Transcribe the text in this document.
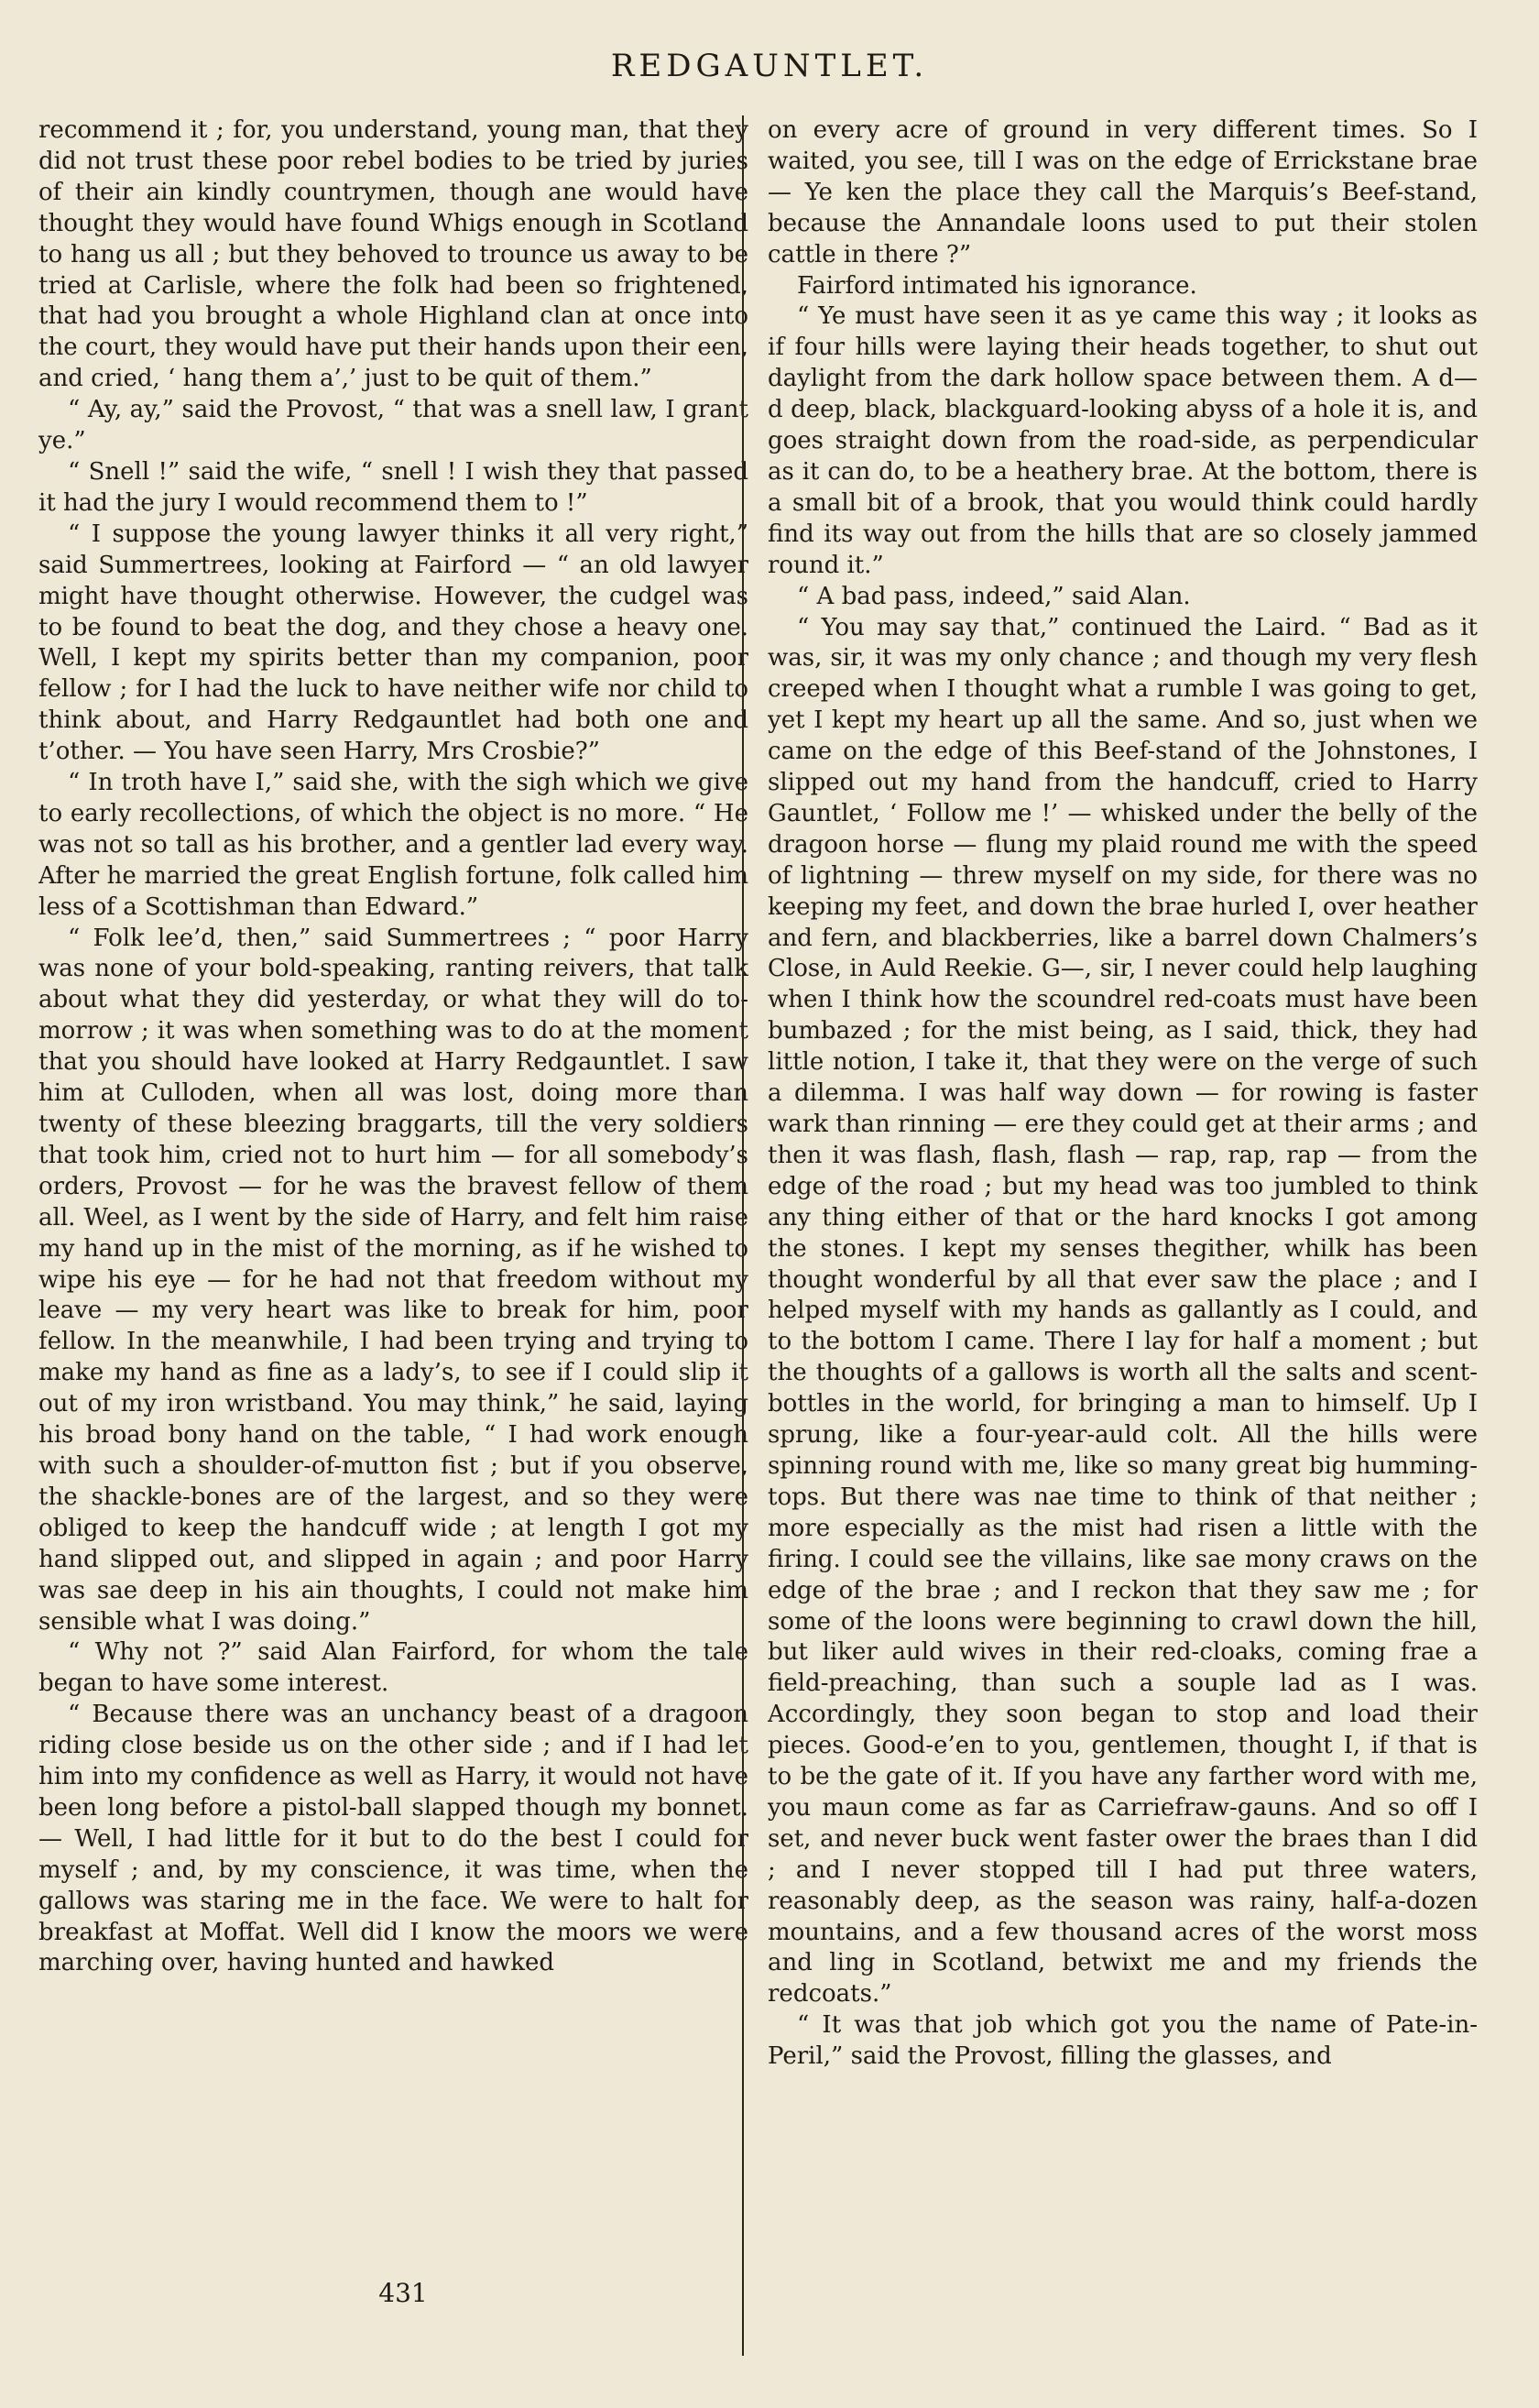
REDGAUNTLET.

recommend it ; for, you understand, young man, that they did not trust these poor rebel bodies to be tried by juries of their ain kindly countrymen, though ane would have thought they would have found Whigs enough in Scotland to hang us all ; but they behoved to trounce us away to be tried at Carlisle, where the folk had been so frightened, that had you brought a whole Highland clan at once into the court, they would have put their hands upon their een, and cried, ‘ hang them a’,’ just to be quit of them.”

“ Ay, ay,” said the Provost, “ that was a snell law, I grant ye.”

“ Snell !” said the wife, “ snell ! I wish they that passed it had the jury I would recommend them to !”

“ I suppose the young lawyer thinks it all very right,” said Summertrees, looking at Fairford — “ an old lawyer might have thought otherwise. However, the cudgel was to be found to beat the dog, and they chose a heavy one. Well, I kept my spirits better than my companion, poor fellow ; for I had the luck to have neither wife nor child to think about, and Harry Redgauntlet had both one and t’other. — You have seen Harry, Mrs Crosbie?”

“ In troth have I,” said she, with the sigh which we give to early recollections, of which the object is no more. “ He was not so tall as his brother, and a gentler lad every way. After he married the great English fortune, folk called him less of a Scottishman than Edward.”

“ Folk lee’d, then,” said Summertrees ; “ poor Harry was none of your bold-speaking, ranting reivers, that talk about what they did yesterday, or what they will do to-morrow ; it was when something was to do at the moment that you should have looked at Harry Redgauntlet. I saw him at Culloden, when all was lost, doing more than twenty of these bleezing braggarts, till the very soldiers that took him, cried not to hurt him — for all somebody’s orders, Provost — for he was the bravest fellow of them all. Weel, as I went by the side of Harry, and felt him raise my hand up in the mist of the morning, as if he wished to wipe his eye — for he had not that freedom without my leave — my very heart was like to break for him, poor fellow. In the meanwhile, I had been trying and trying to make my hand as fine as a lady’s, to see if I could slip it out of my iron wristband. You may think,” he said, laying his broad bony hand on the table, “ I had work enough with such a shoulder-of-mutton fist ; but if you observe, the shackle-bones are of the largest, and so they were obliged to keep the handcuff wide ; at length I got my hand slipped out, and slipped in again ; and poor Harry was sae deep in his ain thoughts, I could not make him sensible what I was doing.”

“ Why not ?” said Alan Fairford, for whom the tale began to have some interest.

“ Because there was an unchancy beast of a dragoon riding close beside us on the other side ; and if I had let him into my confidence as well as Harry, it would not have been long before a pistol-ball slapped though my bonnet. — Well, I had little for it but to do the best I could for myself ; and, by my conscience, it was time, when the gallows was staring me in the face. We were to halt for breakfast at Moffat. Well did I know the moors we were marching over, having hunted and hawked

on every acre of ground in very different times. So I waited, you see, till I was on the edge of Errickstane brae — Ye ken the place they call the Marquis’s Beef-stand, because the Annandale loons used to put their stolen cattle in there ?”

Fairford intimated his ignorance.

“ Ye must have seen it as ye came this way ; it looks as if four hills were laying their heads together, to shut out daylight from the dark hollow space between them. A d—d deep, black, blackguard-looking abyss of a hole it is, and goes straight down from the road-side, as perpendicular as it can do, to be a heathery brae. At the bottom, there is a small bit of a brook, that you would think could hardly find its way out from the hills that are so closely jammed round it.”

“ A bad pass, indeed,” said Alan.

“ You may say that,” continued the Laird. “ Bad as it was, sir, it was my only chance ; and though my very flesh creeped when I thought what a rumble I was going to get, yet I kept my heart up all the same. And so, just when we came on the edge of this Beef-stand of the Johnstones, I slipped out my hand from the handcuff, cried to Harry Gauntlet, ‘ Follow me !’ — whisked under the belly of the dragoon horse — flung my plaid round me with the speed of lightning — threw myself on my side, for there was no keeping my feet, and down the brae hurled I, over heather and fern, and blackberries, like a barrel down Chalmers’s Close, in Auld Reekie. G—, sir, I never could help laughing when I think how the scoundrel red-coats must have been bumbazed ; for the mist being, as I said, thick, they had little notion, I take it, that they were on the verge of such a dilemma. I was half way down — for rowing is faster wark than rinning — ere they could get at their arms ; and then it was flash, flash, flash — rap, rap, rap — from the edge of the road ; but my head was too jumbled to think any thing either of that or the hard knocks I got among the stones. I kept my senses thegither, whilk has been thought wonderful by all that ever saw the place ; and I helped myself with my hands as gallantly as I could, and to the bottom I came. There I lay for half a moment ; but the thoughts of a gallows is worth all the salts and scent-bottles in the world, for bringing a man to himself. Up I sprung, like a four-year-auld colt. All the hills were spinning round with me, like so many great big humming-tops. But there was nae time to think of that neither ; more especially as the mist had risen a little with the firing. I could see the villains, like sae mony craws on the edge of the brae ; and I reckon that they saw me ; for some of the loons were beginning to crawl down the hill, but liker auld wives in their red-cloaks, coming frae a field-preaching, than such a souple lad as I was. Accordingly, they soon began to stop and load their pieces. Good-e’en to you, gentlemen, thought I, if that is to be the gate of it. If you have any farther word with me, you maun come as far as Carriefraw-gauns. And so off I set, and never buck went faster ower the braes than I did ; and I never stopped till I had put three waters, reasonably deep, as the season was rainy, half-a-dozen mountains, and a few thousand acres of the worst moss and ling in Scotland, betwixt me and my friends the redcoats.”

“ It was that job which got you the name of Pate-in-Peril,” said the Provost, filling the glasses, and

431
